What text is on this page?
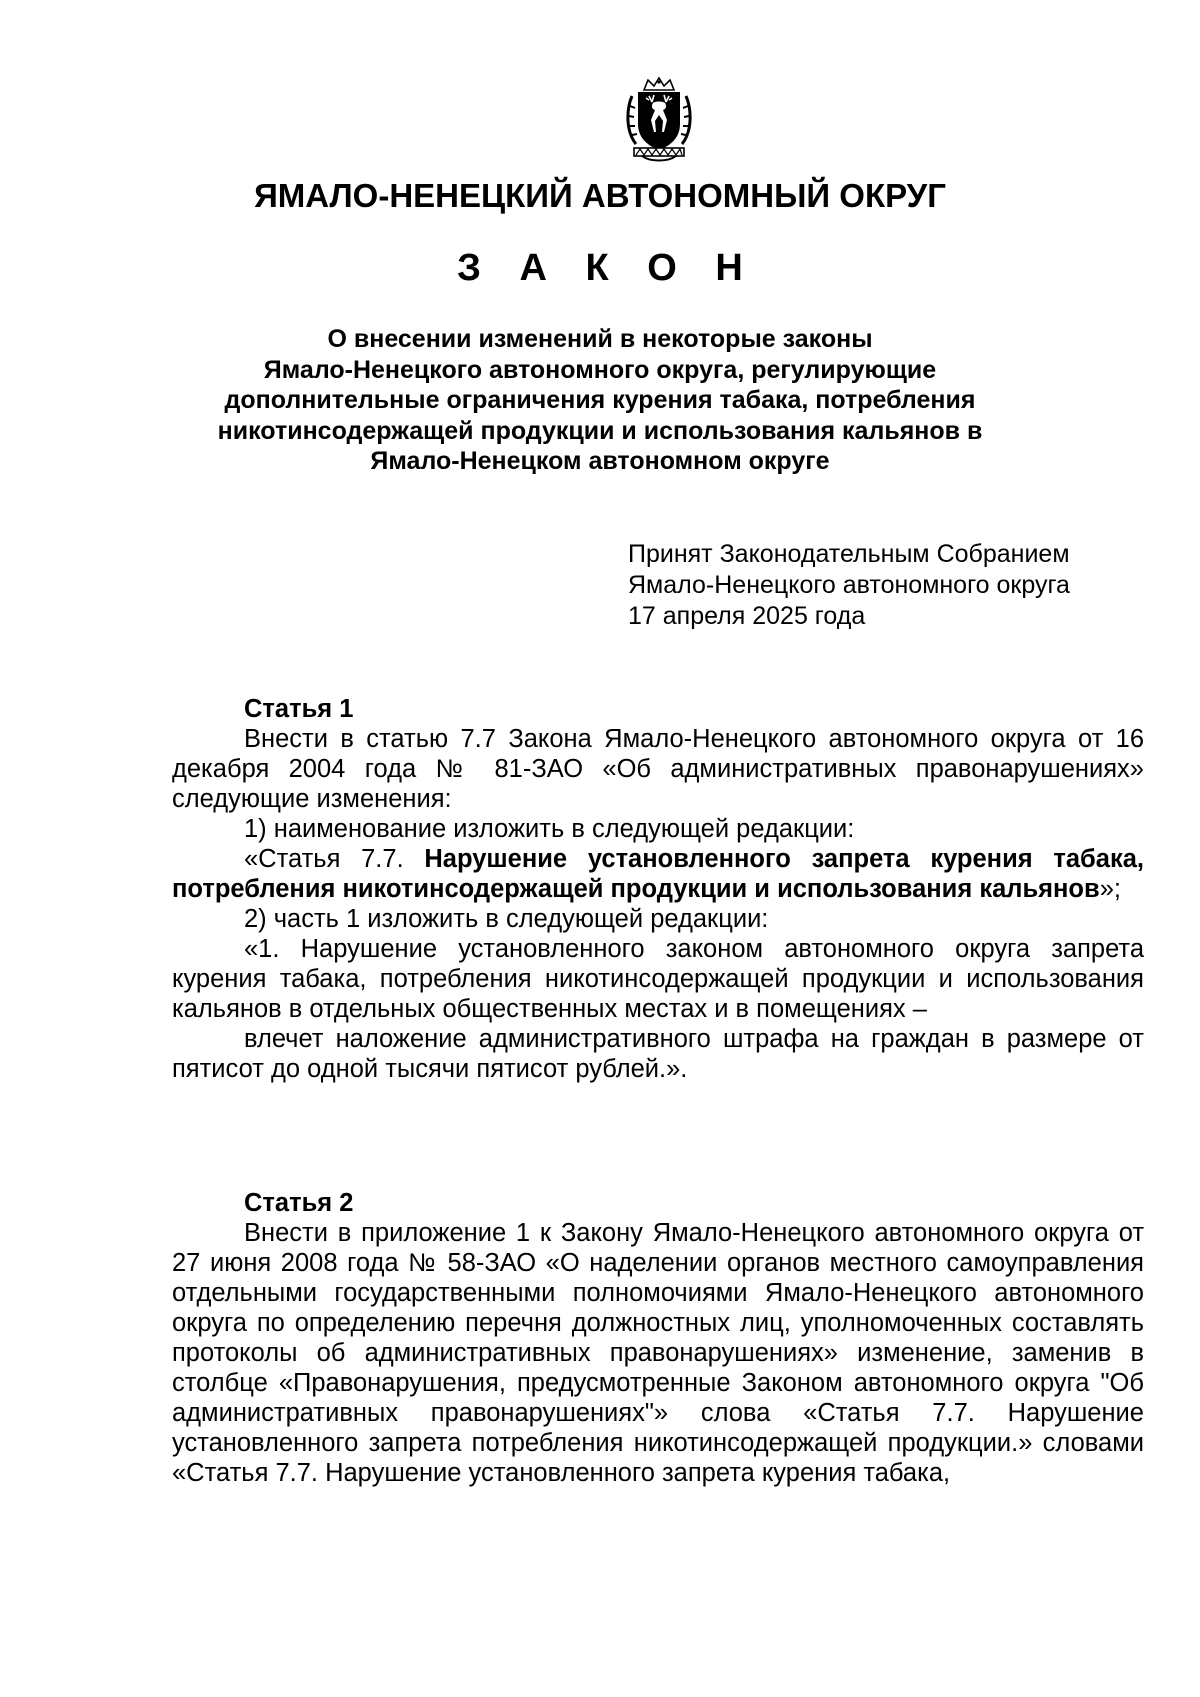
ЯМАЛО-НЕНЕЦКИЙ АВТОНОМНЫЙ ОКРУГ
З А К О Н
О внесении изменений в некоторые законы
Ямало-Ненецкого автономного округа, регулирующие
дополнительные ограничения курения табака, потребления
никотинсодержащей продукции и использования кальянов в
Ямало-Ненецком автономном округе
Принят Законодательным Собранием
Ямало-Ненецкого автономного округа
17 апреля 2025 года

Статья 1

Внести в статью 7.7 Закона Ямало-Ненецкого автономного округа от 16 декабря 2004 года № 81-ЗАО «Об административных правонарушениях» следующие изменения:

1) наименование изложить в следующей редакции:

«Статья 7.7. Нарушение установленного запрета курения табака, потребления никотинсодержащей продукции и использования кальянов»;

2) часть 1 изложить в следующей редакции:

«1. Нарушение установленного законом автономного округа запрета курения табака, потребления никотинсодержащей продукции и использования кальянов в отдельных общественных местах и в помещениях –

влечет наложение административного штрафа на граждан в размере от пятисот до одной тысячи пятисот рублей.».

Статья 2

Внести в приложение 1 к Закону Ямало-Ненецкого автономного округа от 27 июня 2008 года № 58-ЗАО «О наделении органов местного самоуправления отдельными государственными полномочиями Ямало-Ненецкого автономного округа по определению перечня должностных лиц, уполномоченных составлять протоколы об административных правонарушениях» изменение, заменив в столбце «Правонарушения, предусмотренные Законом автономного округа "Об административных правонарушениях"» слова «Статья 7.7. Нарушение установленного запрета потребления никотинсодержащей продукции.» словами «Статья 7.7. Нарушение установленного запрета курения табака,
